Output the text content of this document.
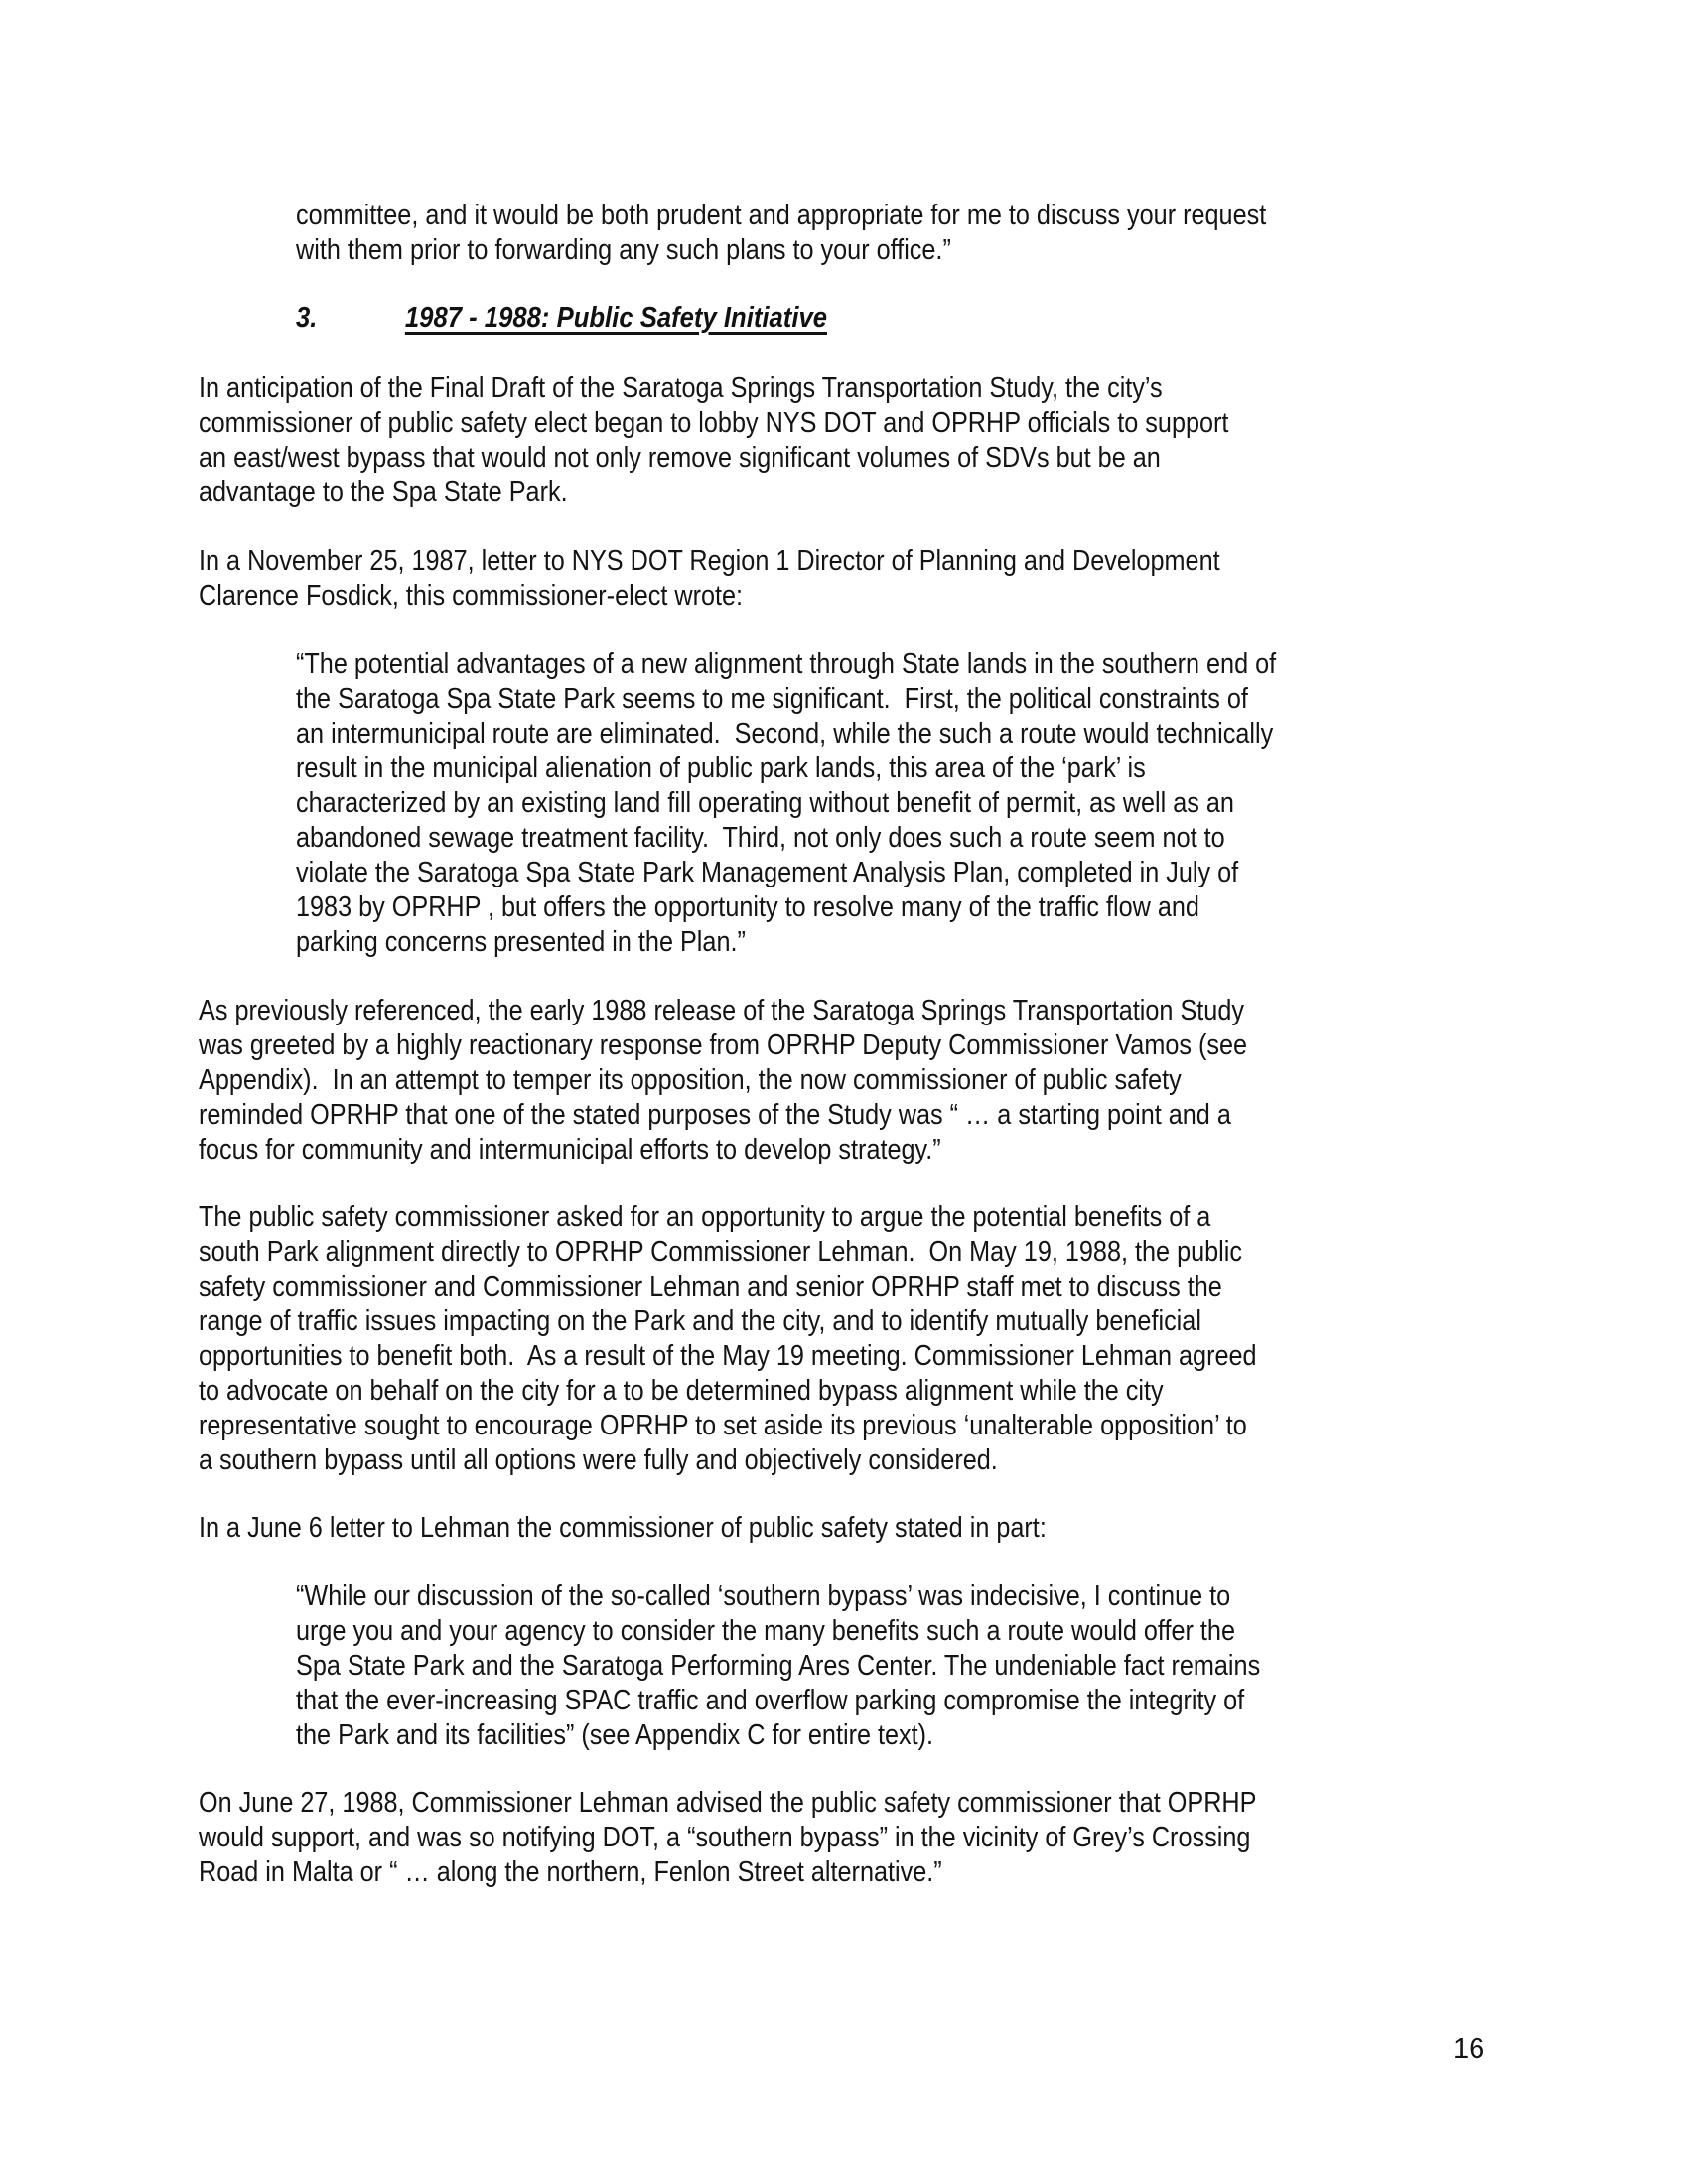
committee, and it would be both prudent and appropriate for me to discuss your request
with them prior to forwarding any such plans to your office.”
3.	1987 - 1988: Public Safety Initiative
In anticipation of the Final Draft of the Saratoga Springs Transportation Study, the city’s
commissioner of public safety elect began to lobby NYS DOT and OPRHP officials to support
an east/west bypass that would not only remove significant volumes of SDVs but be an
advantage to the Spa State Park.
In a November 25, 1987, letter to NYS DOT Region 1 Director of Planning and Development
Clarence Fosdick, this commissioner-elect wrote:
“The potential advantages of a new alignment through State lands in the southern end of
the Saratoga Spa State Park seems to me significant.  First, the political constraints of
an intermunicipal route are eliminated.  Second, while the such a route would technically
result in the municipal alienation of public park lands, this area of the ‘park’ is
characterized by an existing land fill operating without benefit of permit, as well as an
abandoned sewage treatment facility.  Third, not only does such a route seem not to
violate the Saratoga Spa State Park Management Analysis Plan, completed in July of
1983 by OPRHP , but offers the opportunity to resolve many of the traffic flow and
parking concerns presented in the Plan.”
As previously referenced, the early 1988 release of the Saratoga Springs Transportation Study
was greeted by a highly reactionary response from OPRHP Deputy Commissioner Vamos (see
Appendix).  In an attempt to temper its opposition, the now commissioner of public safety
reminded OPRHP that one of the stated purposes of the Study was “ … a starting point and a
focus for community and intermunicipal efforts to develop strategy.”
The public safety commissioner asked for an opportunity to argue the potential benefits of a
south Park alignment directly to OPRHP Commissioner Lehman.  On May 19, 1988, the public
safety commissioner and Commissioner Lehman and senior OPRHP staff met to discuss the
range of traffic issues impacting on the Park and the city, and to identify mutually beneficial
opportunities to benefit both.  As a result of the May 19 meeting. Commissioner Lehman agreed
to advocate on behalf on the city for a to be determined bypass alignment while the city
representative sought to encourage OPRHP to set aside its previous ‘unalterable opposition’ to
a southern bypass until all options were fully and objectively considered.
In a June 6 letter to Lehman the commissioner of public safety stated in part:
“While our discussion of the so-called ‘southern bypass’ was indecisive, I continue to
urge you and your agency to consider the many benefits such a route would offer the
Spa State Park and the Saratoga Performing Ares Center. The undeniable fact remains
that the ever-increasing SPAC traffic and overflow parking compromise the integrity of
the Park and its facilities” (see Appendix C for entire text).
On June 27, 1988, Commissioner Lehman advised the public safety commissioner that OPRHP
would support, and was so notifying DOT, a “southern bypass” in the vicinity of Grey’s Crossing
Road in Malta or “ … along the northern, Fenlon Street alternative.”
16
